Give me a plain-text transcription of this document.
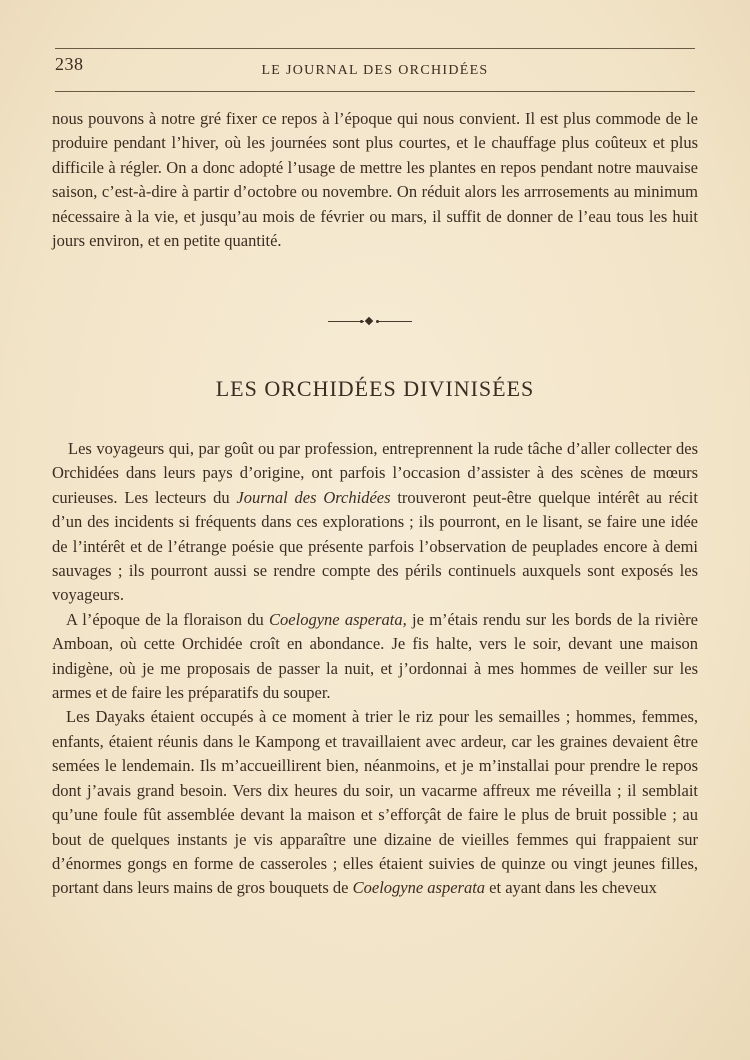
238	LE JOURNAL DES ORCHIDÉES

nous pouvons à notre gré fixer ce repos à l’époque qui nous convient. Il est plus commode de le produire pendant l’hiver, où les journées sont plus courtes, et le chauffage plus coûteux et plus difficile à régler. On a donc adopté l’usage de mettre les plantes en repos pendant notre mauvaise saison, c’est-à-dire à partir d’octobre ou novembre. On réduit alors les arrrosements au minimum nécessaire à la vie, et jusqu’au mois de février ou mars, il suffit de donner de l’eau tous les huit jours environ, et en petite quantité.

LES ORCHIDÉES DIVINISÉES

Les voyageurs qui, par goût ou par profession, entreprennent la rude tâche d’aller collecter des Orchidées dans leurs pays d’origine, ont parfois l’occasion d’assister à des scènes de mœurs curieuses. Les lecteurs du Journal des Orchidées trouveront peut-être quelque intérêt au récit d’un des incidents si fréquents dans ces explorations ; ils pourront, en le lisant, se faire une idée de l’intérêt et de l’étrange poésie que présente parfois l’observation de peuplades encore à demi sauvages ; ils pourront aussi se rendre compte des périls continuels auxquels sont exposés les voyageurs.

A l’époque de la floraison du Coelogyne asperata, je m’étais rendu sur les bords de la rivière Amboan, où cette Orchidée croît en abondance. Je fis halte, vers le soir, devant une maison indigène, où je me proposais de passer la nuit, et j’ordonnai à mes hommes de veiller sur les armes et de faire les préparatifs du souper.

Les Dayaks étaient occupés à ce moment à trier le riz pour les semailles ; hommes, femmes, enfants, étaient réunis dans le Kampong et travaillaient avec ardeur, car les graines devaient être semées le lendemain. Ils m’accueillirent bien, néanmoins, et je m’installai pour prendre le repos dont j’avais grand besoin. Vers dix heures du soir, un vacarme affreux me réveilla ; il semblait qu’une foule fût assemblée devant la maison et s’efforçât de faire le plus de bruit possible ; au bout de quelques instants je vis apparaître une dizaine de vieilles femmes qui frappaient sur d’énormes gongs en forme de casseroles ; elles étaient suivies de quinze ou vingt jeunes filles, portant dans leurs mains de gros bouquets de Coelogyne asperata et ayant dans les cheveux
